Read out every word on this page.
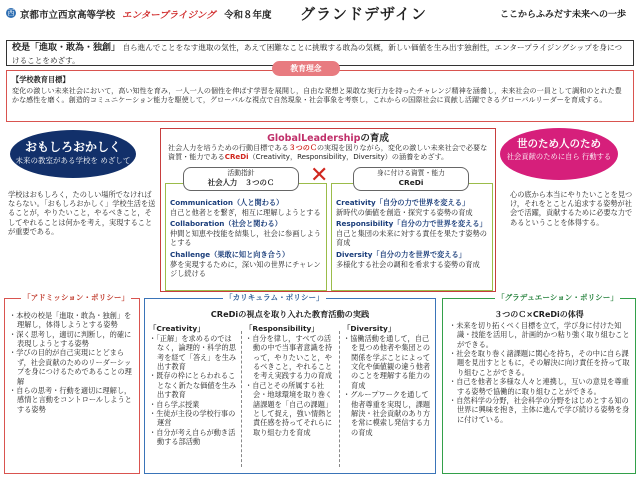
西 京都市立西京高等学校 エンタープライジング 令和８年度 グランドデザイン	ここからふみだす未来への一歩
校是「進取・敢為・独創」 自ら進んでことをなす進取の気性，あえて困難なことに挑戦する敢為の気概，新しい価値を生み出す独創性，エンタープライジングシップを身につけることをめざす。
【学校教育目標】
変化の激しい未来社会において，高い知性を育み，一人一人の個性を伸ばす学習を展開し，自由な発想と果敢な実行力を持ったチャレンジ精神を涵養し，未来社会の一員として調和のとれた豊かな感性を磨く。創造的コミュニケーション能力を駆使して，グローバルな視点で自然現象・社会事象を考察し，これからの国際社会に貢献し活躍できるグローバルリーダーを育成する。
教育理念
おもしろおかしく
未来の教室がある学校を めざして
世のため人のため
社会貢献のために自ら 行動する
学校はおもしろく，たのしい場所でなければならない。「おもしろおかしく」学校生活を送ることが，やりたいこと，やるべきこと，そしてやれることは何かを考え，実現することが重要である。
心の底から本当にやりたいことを見つけ，それをとことん追求する姿勢が社会で活躍，貢献するために必要な力であるということを体得する。
GlobalLeadershipの育成
社会人力を培うための行動目標である３つのＣの実現を図りながら，変化の激しい未来社会で必要な資質・能力であるCReDi（Creativity，Responsibility，Diversity）の涵養をめざす。
Communication（人と関わる）
自己と他者とを繋ぎ，相互に理解しようとする
Collaboration（社会と関わる）
仲間と知恵や技能を結集し，社会に参画しようとする
Challenge（果敢に知と向き合う）
夢を実現するために，深い知の世界にチャレンジし続ける
Creativity「自分の力で世界を変える」
新時代の価値を創造・探究する姿勢の育成
Responsibility「自分の力で世界を変える」
自己と集団の未来に対する責任を果たす姿勢の育成
Diversity「自分の力を世界で変える」
多様化する社会の調和を希求する姿勢の育成
活動指針
社会人力　３つのＣ	✕	身に付ける資質・能力
CReDi
「アドミッション・ポリシー」
・ 本校の校是「進取・敢為・独創」を理解し，体得しようとする姿勢
・ 深く思考し，適切に判断し，的確に表現しようとする姿勢
・ 学びの目的が自己実現にとどまらず，社会貢献のためのリーダーシップを身につけるためであることの理解
・ 自らの思考・行動を適切に理解し，感情と言動をコントロールしようとする姿勢
「カリキュラム・ポリシー」
CReDiの視点を取り入れた教育活動の実践
「Creativity」
・ 「正解」を求めるのではなく，論理的・科学的思考を経て「答え」を生み出す教育
・ 既存の枠にとらわれることなく新たな価値を生み出す教育
・ 自ら学ぶ授業
・ 生徒が主役の学校行事の運営
・ 自分が考え自らが動き活動する部活動
「Responsibility」
・ 自分を律し，すべての活動の中で当事者意識を持って，やりたいこと，やるべきこと，やれることを考え実践する力の育成
・ 自己とその所属する社会・地球環境を取り巻く諸課題を「自己の課題」として捉え，強い情熱と責任感を持ってそれらに取り組む力を育成
「Diversity」
・ 協働活動を通して，自己を見つめ他者や集団との関係を学ぶことによって文化や価値観の違う他者のことを理解する能力の育成
・ グループワークを通して他者尊重を実現し，課題解決・社会貢献のあり方を常に模索し発信する力の育成
「グラデュエーション・ポリシー」
３つのＣ×CReDiの体得
・ 未来を切り拓くべく目標を立て，学び身に付けた知識・技能を活用し，計画的かつ粘り強く取り組むことができる。
・ 社会を取り巻く諸課題に関心を持ち，その中に自ら課題を見出すとともに，その解決に向け責任を持って取り組むことができる。
・ 自己を他者と多様な人々と連携し，互いの意見を尊重する姿勢で協働的に取り組むことができる。
・ 自然科学の分野，社会科学の分野をはじめとする知の世界に興味を抱き，主体に進んで学び続ける姿勢を身に付けている。
